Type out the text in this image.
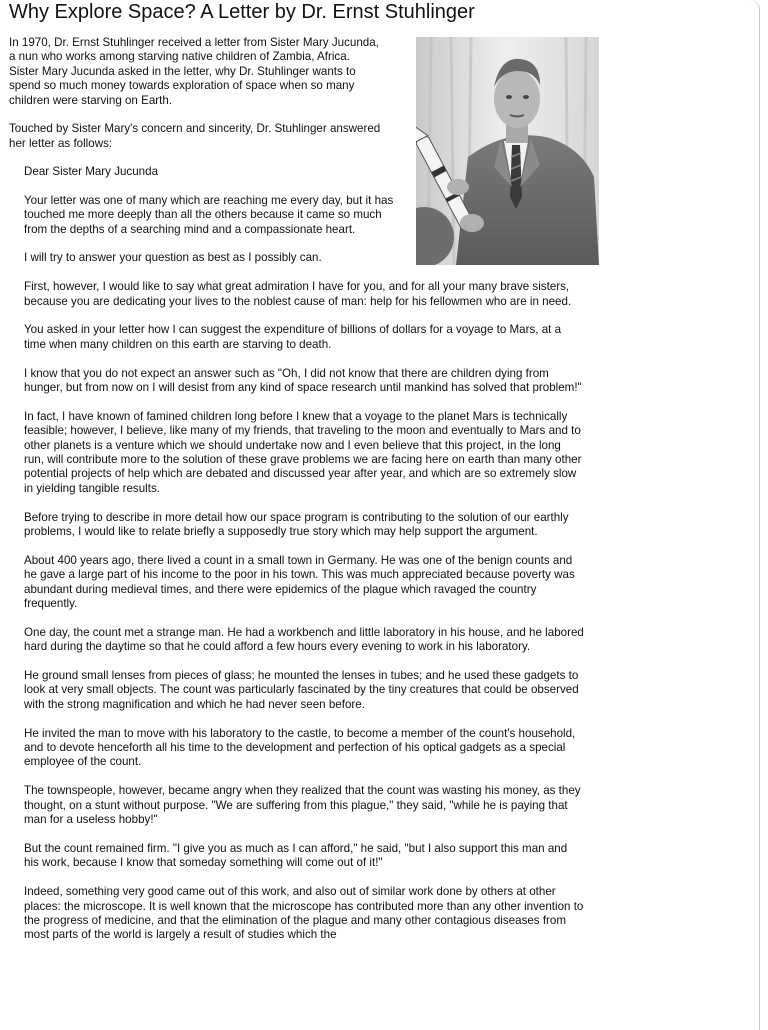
Why Explore Space? A Letter by Dr. Ernst Stuhlinger

In 1970, Dr. Ernst Stuhlinger received a letter from Sister Mary Jucunda, a nun who works among starving native children of Zambia, Africa. Sister Mary Jucunda asked in the letter, why Dr. Stuhlinger wants to spend so much money towards exploration of space when so many children were starving on Earth.

Touched by Sister Mary's concern and sincerity, Dr. Stuhlinger answered her letter as follows:

Dear Sister Mary Jucunda

Your letter was one of many which are reaching me every day, but it has touched me more deeply than all the others because it came so much from the depths of a searching mind and a compassionate heart.

I will try to answer your question as best as I possibly can.

First, however, I would like to say what great admiration I have for you, and for all your many brave sisters, because you are dedicating your lives to the noblest cause of man: help for his fellowmen who are in need.

You asked in your letter how I can suggest the expenditure of billions of dollars for a voyage to Mars, at a time when many children on this earth are starving to death.

I know that you do not expect an answer such as "Oh, I did not know that there are children dying from hunger, but from now on I will desist from any kind of space research until mankind has solved that problem!"

In fact, I have known of famined children long before I knew that a voyage to the planet Mars is technically feasible; however, I believe, like many of my friends, that traveling to the moon and eventually to Mars and to other planets is a venture which we should undertake now and I even believe that this project, in the long run, will contribute more to the solution of these grave problems we are facing here on earth than many other potential projects of help which are debated and discussed year after year, and which are so extremely slow in yielding tangible results.

Before trying to describe in more detail how our space program is contributing to the solution of our earthly problems, I would like to relate briefly a supposedly true story which may help support the argument.

About 400 years ago, there lived a count in a small town in Germany. He was one of the benign counts and he gave a large part of his income to the poor in his town. This was much appreciated because poverty was abundant during medieval times, and there were epidemics of the plague which ravaged the country frequently.

One day, the count met a strange man. He had a workbench and little laboratory in his house, and he labored hard during the daytime so that he could afford a few hours every evening to work in his laboratory.

He ground small lenses from pieces of glass; he mounted the lenses in tubes; and he used these gadgets to look at very small objects. The count was particularly fascinated by the tiny creatures that could be observed with the strong magnification and which he had never seen before.

He invited the man to move with his laboratory to the castle, to become a member of the count's household, and to devote henceforth all his time to the development and perfection of his optical gadgets as a special employee of the count.

The townspeople, however, became angry when they realized that the count was wasting his money, as they thought, on a stunt without purpose. "We are suffering from this plague," they said, "while he is paying that man for a useless hobby!"

But the count remained firm. "I give you as much as I can afford," he said, "but I also support this man and his work, because I know that someday something will come out of it!"

Indeed, something very good came out of this work, and also out of similar work done by others at other places: the microscope. It is well known that the microscope has contributed more than any other invention to the progress of medicine, and that the elimination of the plague and many other contagious diseases from most parts of the world is largely a result of studies which the
